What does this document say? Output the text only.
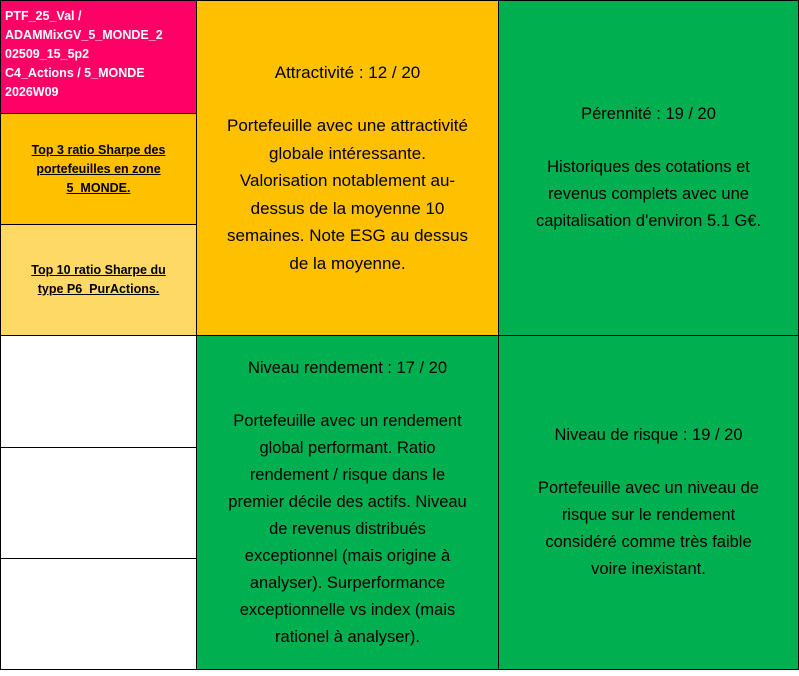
PTF_25_Val /
ADAMMixGV_5_MONDE_2
02509_15_5p2
C4_Actions / 5_MONDE
2026W09
Top 3 ratio Sharpe des
portefeuilles en zone
5_MONDE.
Top 10 ratio Sharpe du
type P6_PurActions.
Attractivité : 12 / 20
Portefeuille avec une attractivité
globale intéressante.
Valorisation notablement au-
dessus de la moyenne 10
semaines. Note ESG au dessus
de la moyenne.
Pérennité : 19 / 20
Historiques des cotations et
revenus complets avec une
capitalisation d'environ 5.1 G€.
Niveau rendement : 17 / 20
Portefeuille avec un rendement
global performant. Ratio
rendement / risque dans le
premier décile des actifs. Niveau
de revenus distribués
exceptionnel (mais origine à
analyser). Surperformance
exceptionnelle vs index (mais
rationel à analyser).
Niveau de risque : 19 / 20
Portefeuille avec un niveau de
risque sur le rendement
considéré comme très faible
voire inexistant.
